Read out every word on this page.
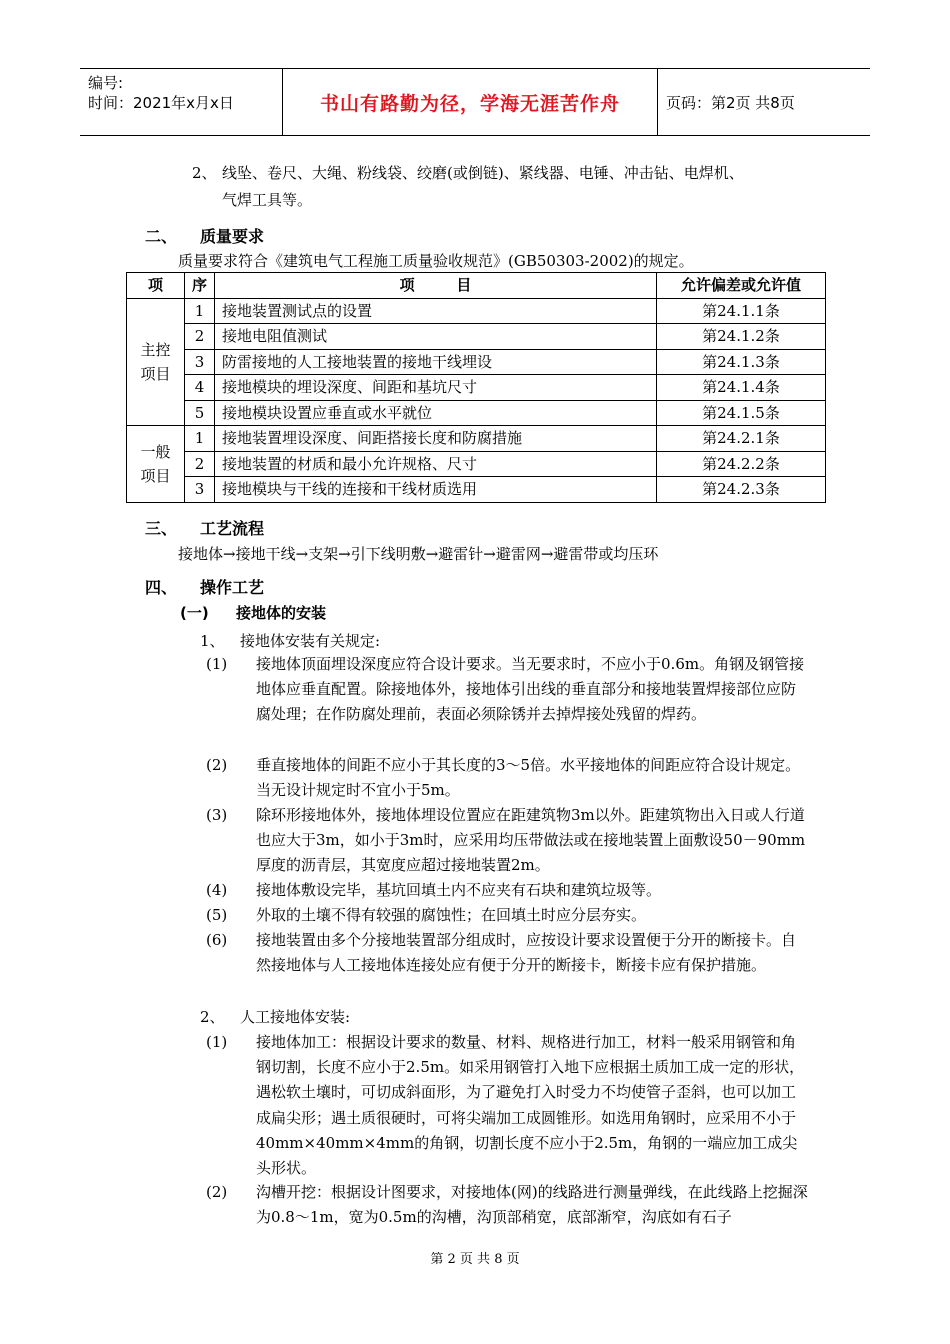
编号:
时间：2021年x月x日	书山有路勤为径，学海无涯苦作舟	页码：第2页 共8页
2、 线坠、卷尺、大绳、粉线袋、绞磨(或倒链)、紧线器、电锤、冲击钻、电焊机、
气焊工具等。
二、 质量要求
质量要求符合《建筑电气工程施工质量验收规范》(GB50303-2002)的规定。
项	序	项        目	允许偏差或允许值

主控项目	1	接地装置测试点的设置	第24.1.1条
	2	接地电阻值测试	第24.1.2条
	3	防雷接地的人工接地装置的接地干线埋设	第24.1.3条
	4	接地模块的埋设深度、间距和基坑尺寸	第24.1.4条
	5	接地模块设置应垂直或水平就位	第24.1.5条

一般项目	1	接地装置埋设深度、间距搭接长度和防腐措施	第24.2.1条
	2	接地装置的材质和最小允许规格、尺寸	第24.2.2条
	3	接地模块与干线的连接和干线材质选用	第24.2.3条
三、 工艺流程
接地体→接地干线→支架→引下线明敷→避雷针→避雷网→避雷带或均压环
四、 操作工艺
(一) 接地体的安装
1、 接地体安装有关规定:
(1) 接地体顶面埋设深度应符合设计要求。当无要求时，不应小于0.6m。角钢及钢管接地体应垂直配置。除接地体外，接地体引出线的垂直部分和接地装置焊接部位应防腐处理；在作防腐处理前，表面必须除锈并去掉焊接处残留的焊药。
(2) 垂直接地体的间距不应小于其长度的3～5倍。水平接地体的间距应符合设计规定。当无设计规定时不宜小于5m。
(3) 除环形接地体外，接地体埋设位置应在距建筑物3m以外。距建筑物出入日或人行道也应大于3m，如小于3m时，应采用均压带做法或在接地装置上面敷设50－90mm厚度的沥青层，其宽度应超过接地装置2m。
(4) 接地体敷设完毕，基坑回填土内不应夹有石块和建筑垃圾等。
(5) 外取的土壤不得有较强的腐蚀性；在回填土时应分层夯实。
(6) 接地装置由多个分接地装置部分组成时，应按设计要求设置便于分开的断接卡。自然接地体与人工接地体连接处应有便于分开的断接卡，断接卡应有保护措施。
2、 人工接地体安装:
(1) 接地体加工：根据设计要求的数量、材料、规格进行加工，材料一般采用钢管和角钢切割，长度不应小于2.5m。如采用钢管打入地下应根据土质加工成一定的形状，遇松软土壤时，可切成斜面形，为了避免打入时受力不均使管子歪斜，也可以加工成扁尖形；遇土质很硬时，可将尖端加工成圆锥形。如选用角钢时，应采用不小于40mm×40mm×4mm的角钢，切割长度不应小于2.5m，角钢的一端应加工成尖头形状。
(2) 沟槽开挖：根据设计图要求，对接地体(网)的线路进行测量弹线，在此线路上挖掘深为0.8～1m，宽为0.5m的沟槽，沟顶部稍宽，底部渐窄，沟底如有石子
第 2 页 共 8 页
